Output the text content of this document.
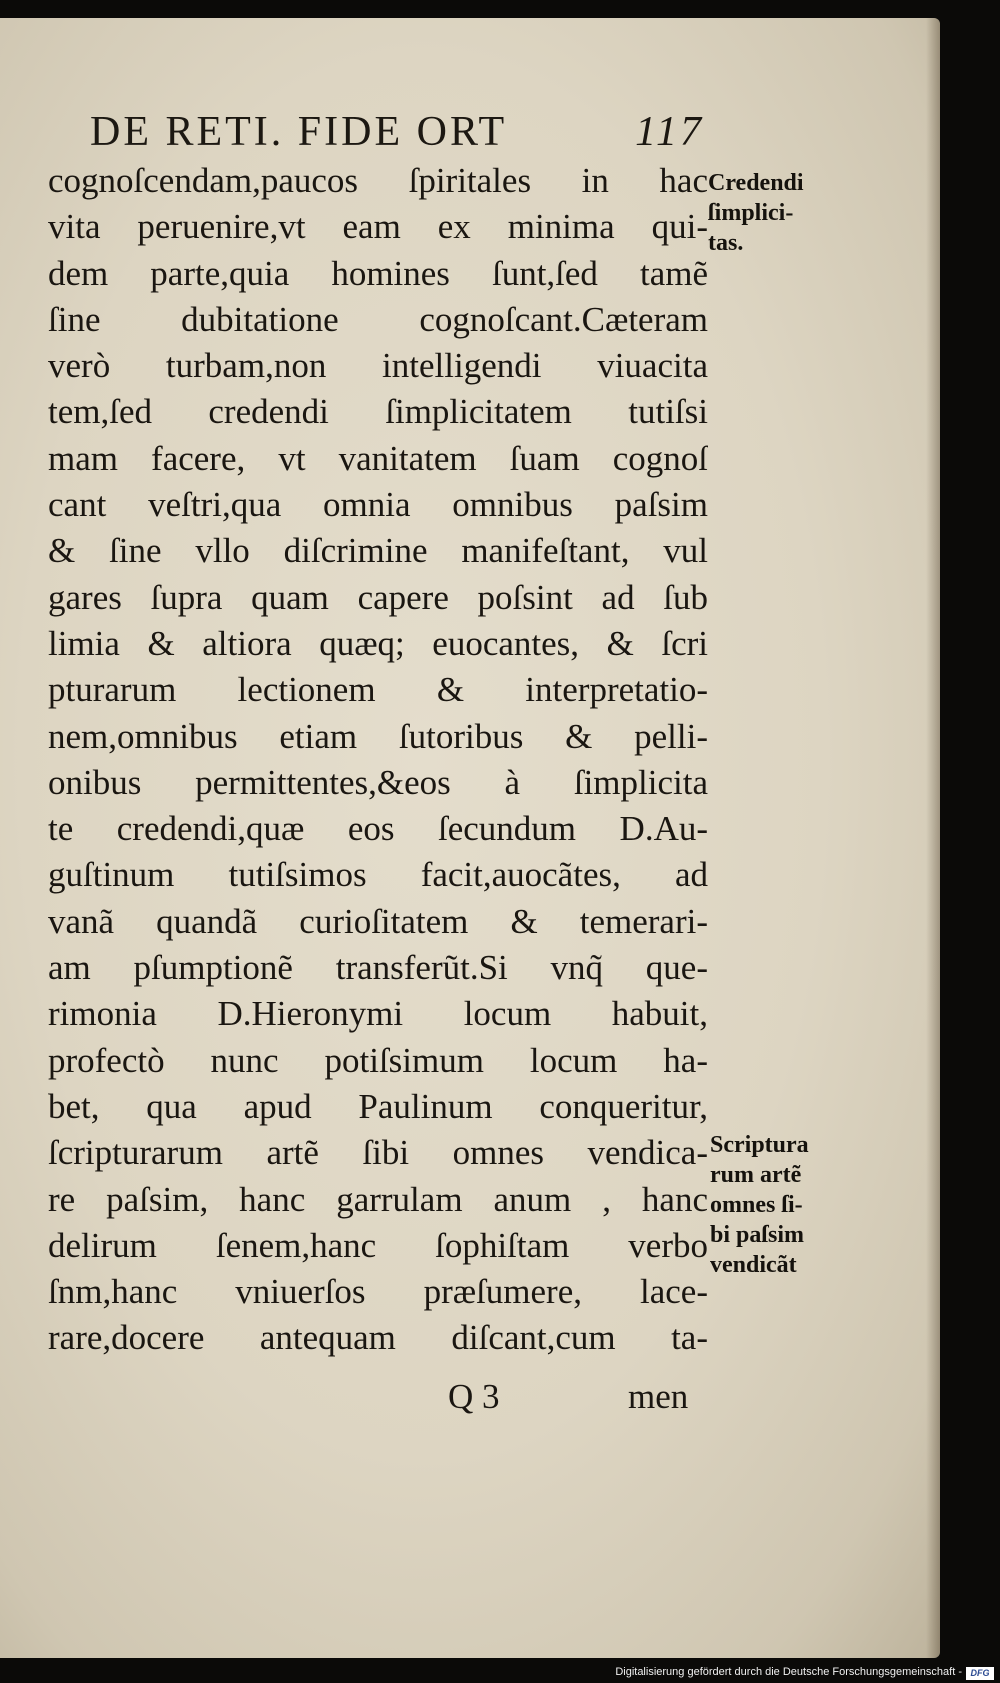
DE RETI. FIDE ORT	117
cognoſcendam,paucos ſpiritales in hac
vita peruenire,vt eam ex minima qui-
dem parte,quia homines ſunt,ſed tamẽ
ſine dubitatione cognoſcant.Cæteram
verò turbam,non intelligendi viuacita
tem,ſed credendi ſimplicitatem tutiſsi
mam facere, vt vanitatem ſuam cognoſ
cant veſtri,qua omnia omnibus paſsim
& ſine vllo diſcrimine manifeſtant, vul
gares ſupra quam capere poſsint ad ſub
limia & altiora quæq; euocantes, & ſcri
pturarum lectionem & interpretatio-
nem,omnibus etiam ſutoribus & pelli-
onibus permittentes,&eos à ſimplicita
te credendi,quæ eos ſecundum D.Au-
guſtinum tutiſsimos facit,auocãtes, ad
vanã quandã curioſitatem & temerari-
am pſumptionẽ transferũt.Si vnq̃ que-
rimonia D.Hieronymi locum habuit,
profectò nunc potiſsimum locum ha-
bet, qua apud Paulinum conqueritur,
ſcripturarum artẽ ſibi omnes vendica-
re paſsim, hanc garrulam anum , hanc
delirum ſenem,hanc ſophiſtam verbo
ſnm,hanc vniuerſos præſumere, lace-
rare,docere antequam diſcant,cum ta-
Credendi
ſimplici-
tas.
Scriptura
rum artẽ
omnes ſi-
bi paſsim
vendicãt
Q 3	men
Digitalisierung gefördert durch die Deutsche Forschungsgemeinschaft - DFG
